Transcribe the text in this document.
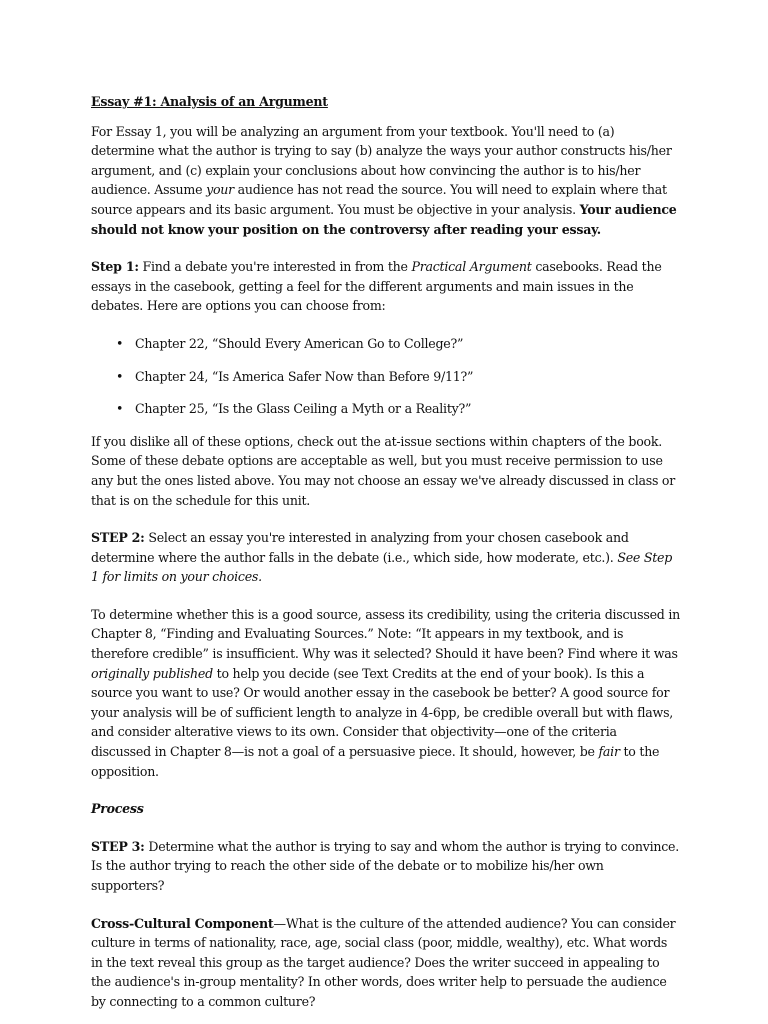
Essay #1: Analysis of an Argument

For Essay 1, you will be analyzing an argument from your textbook. You'll need to (a) determine what the author is trying to say (b) analyze the ways your author constructs his/her argument, and (c) explain your conclusions about how convincing the author is to his/her audience. Assume your audience has not read the source. You will need to explain where that source appears and its basic argument. You must be objective in your analysis. Your audience should not know your position on the controversy after reading your essay.

Step 1: Find a debate you're interested in from the Practical Argument casebooks. Read the essays in the casebook, getting a feel for the different arguments and main issues in the debates. Here are options you can choose from:

• Chapter 22, “Should Every American Go to College?”
• Chapter 24, “Is America Safer Now than Before 9/11?”
• Chapter 25, “Is the Glass Ceiling a Myth or a Reality?”

If you dislike all of these options, check out the at-issue sections within chapters of the book. Some of these debate options are acceptable as well, but you must receive permission to use any but the ones listed above. You may not choose an essay we've already discussed in class or that is on the schedule for this unit.

STEP 2: Select an essay you're interested in analyzing from your chosen casebook and determine where the author falls in the debate (i.e., which side, how moderate, etc.). See Step 1 for limits on your choices.

To determine whether this is a good source, assess its credibility, using the criteria discussed in Chapter 8, “Finding and Evaluating Sources.” Note: “It appears in my textbook, and is therefore credible” is insufficient. Why was it selected? Should it have been? Find where it was originally published to help you decide (see Text Credits at the end of your book). Is this a source you want to use? Or would another essay in the casebook be better? A good source for your analysis will be of sufficient length to analyze in 4-6pp, be credible overall but with flaws, and consider alterative views to its own. Consider that objectivity—one of the criteria discussed in Chapter 8—is not a goal of a persuasive piece. It should, however, be fair to the opposition.

Process

STEP 3: Determine what the author is trying to say and whom the author is trying to convince. Is the author trying to reach the other side of the debate or to mobilize his/her own supporters?

Cross-Cultural Component—What is the culture of the attended audience? You can consider culture in terms of nationality, race, age, social class (poor, middle, wealthy), etc. What words in the text reveal this group as the target audience? Does the writer succeed in appealing to the audience's in-group mentality? In other words, does writer help to persuade the audience by connecting to a common culture?
